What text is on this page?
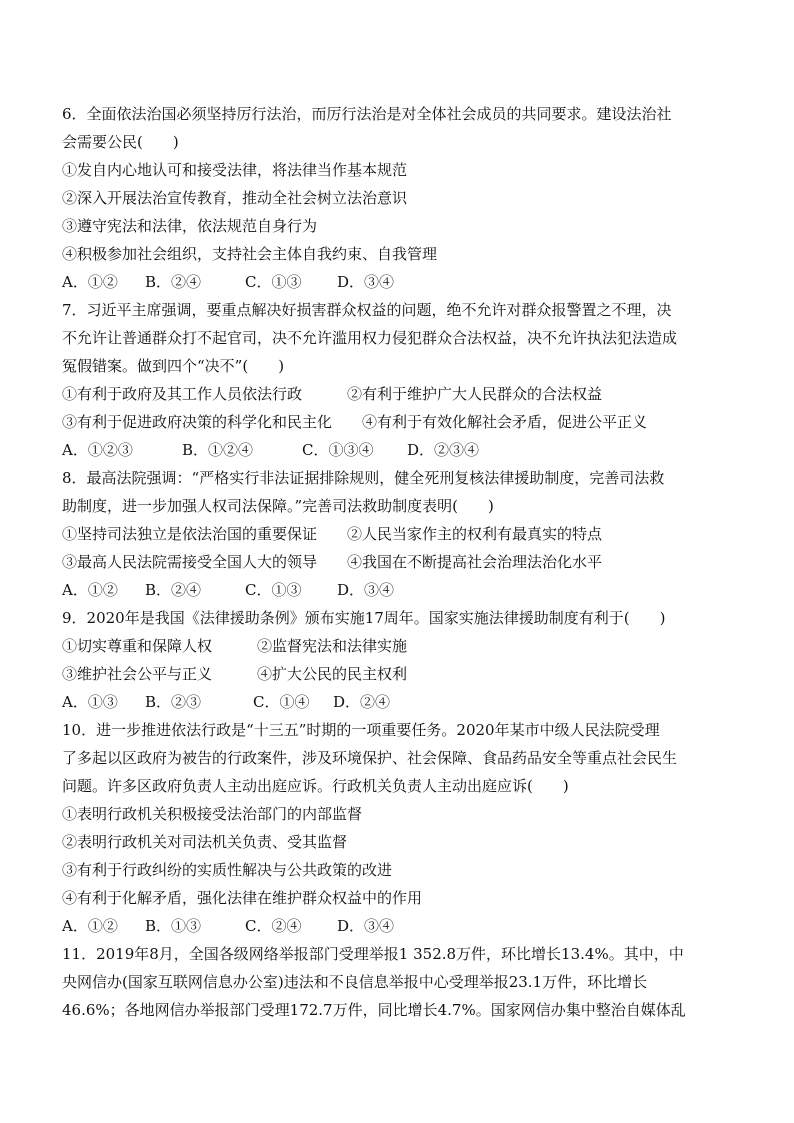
6．全面依法治国必须坚持厉行法治，而厉行法治是对全体社会成员的共同要求。建设法治社
会需要公民(　　)
①发自内心地认可和接受法律，将法律当作基本规范
②深入开展法治宣传教育，推动全社会树立法治意识
③遵守宪法和法律，依法规范自身行为
④积极参加社会组织，支持社会主体自我约束、自我管理
A．①② B．②④	C．①③ D．③④
7．习近平主席强调，要重点解决好损害群众权益的问题，绝不允许对群众报警置之不理，决
不允许让普通群众打不起官司，决不允许滥用权力侵犯群众合法权益，决不允许执法犯法造成
冤假错案。做到四个“决不”(　　)
①有利于政府及其工作人员依法行政　　　②有利于维护广大人民群众的合法权益
③有利于促进政府决策的科学化和民主化　　④有利于有效化解社会矛盾，促进公平正义
A．①②③	B．①②④	C．①③④ D．②③④
8．最高法院强调：“严格实行非法证据排除规则，健全死刑复核法律援助制度，完善司法救
助制度，进一步加强人权司法保障。”完善司法救助制度表明(　　)
①坚持司法独立是依法治国的重要保证　　②人民当家作主的权利有最真实的特点
③最高人民法院需接受全国人大的领导　　④我国在不断提高社会治理法治化水平
A．①② B．②④	C．①③ D．③④
9．2020年是我国《法律援助条例》颁布实施17周年。国家实施法律援助制度有利于(　　)
①切实尊重和保障人权　　　②监督宪法和法律实施
③维护社会公平与正义　　　④扩大公民的民主权利
A．①③ B．②③	C．①④ D．②④
10．进一步推进依法行政是“十三五”时期的一项重要任务。2020年某市中级人民法院受理
了多起以区政府为被告的行政案件，涉及环境保护、社会保障、食品药品安全等重点社会民生
问题。许多区政府负责人主动出庭应诉。行政机关负责人主动出庭应诉(　　)
①表明行政机关积极接受法治部门的内部监督
②表明行政机关对司法机关负责、受其监督
③有利于行政纠纷的实质性解决与公共政策的改进
④有利于化解矛盾，强化法律在维护群众权益中的作用
A．①② B．①③	C．②④ D．③④
11．2019年8月，全国各级网络举报部门受理举报1 352.8万件，环比增长13.4%。其中，中
央网信办(国家互联网信息办公室)违法和不良信息举报中心受理举报23.1万件，环比增长
46.6%；各地网信办举报部门受理172.7万件，同比增长4.7%。国家网信办集中整治自媒体乱
